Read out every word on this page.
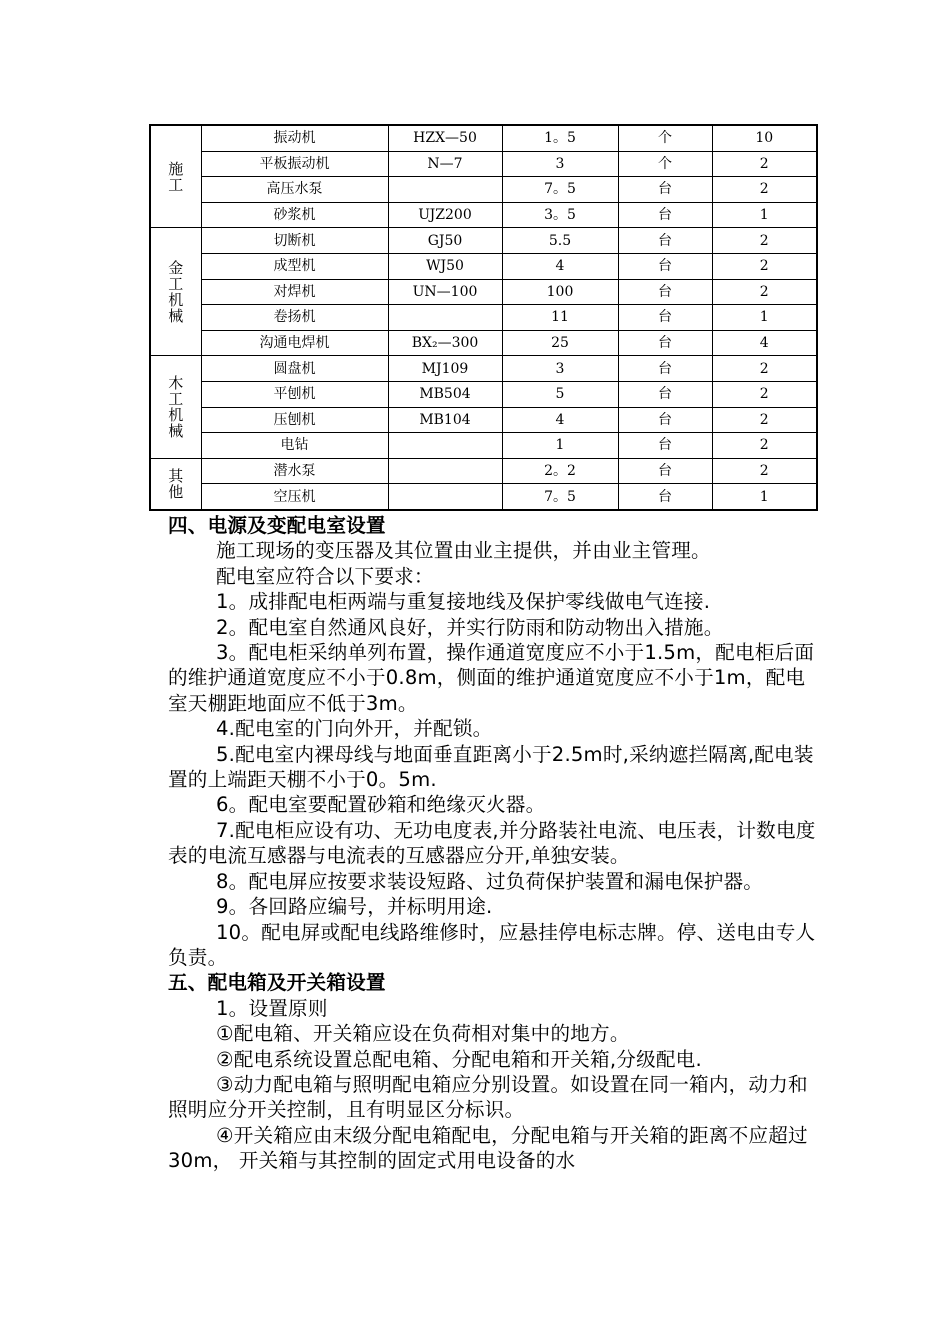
施
工	振动机	HZX—50	1。5	个	10
	平板振动机	N—7	3	个	2
	高压水泵		7。5	台	2
	砂浆机	UJZ200	3。5	台	1

金
工
机
械	切断机	GJ50	5.5	台	2
	成型机	WJ50	4	台	2
	对焊机	UN—100	100	台	2
	卷扬机		11	台	1
	沟通电焊机	BX₂—300	25	台	4

木
工
机
械	圆盘机	MJ109	3	台	2
	平刨机	MB504	5	台	2
	压刨机	MB104	4	台	2
	电钻		1	台	2

其
他	潜水泵		2。2	台	2
	空压机		7。5	台	1

四、电源及变配电室设置

施工现场的变压器及其位置由业主提供，并由业主管理。

配电室应符合以下要求：

1。成排配电柜两端与重复接地线及保护零线做电气连接.

2。配电室自然通风良好，并实行防雨和防动物出入措施。

3。配电柜采纳单列布置，操作通道宽度应不小于1.5m，配电柜后面的维护通道宽度应不小于0.8m，侧面的维护通道宽度应不小于1m，配电室天棚距地面应不低于3m。

4.配电室的门向外开，并配锁。

5.配电室内裸母线与地面垂直距离小于2.5m时,采纳遮拦隔离,配电装置的上端距天棚不小于0。5m.

6。配电室要配置砂箱和绝缘灭火器。

7.配电柜应设有功、无功电度表,并分路装社电流、电压表，计数电度表的电流互感器与电流表的互感器应分开,单独安装。

8。配电屏应按要求装设短路、过负荷保护装置和漏电保护器。

9。各回路应编号，并标明用途.

10。配电屏或配电线路维修时，应悬挂停电标志牌。停、送电由专人负责。

五、配电箱及开关箱设置

1。设置原则

①配电箱、开关箱应设在负荷相对集中的地方。

②配电系统设置总配电箱、分配电箱和开关箱,分级配电.

③动力配电箱与照明配电箱应分别设置。如设置在同一箱内，动力和照明应分开关控制，且有明显区分标识。

④开关箱应由末级分配电箱配电，分配电箱与开关箱的距离不应超过30m， 开关箱与其控制的固定式用电设备的水
